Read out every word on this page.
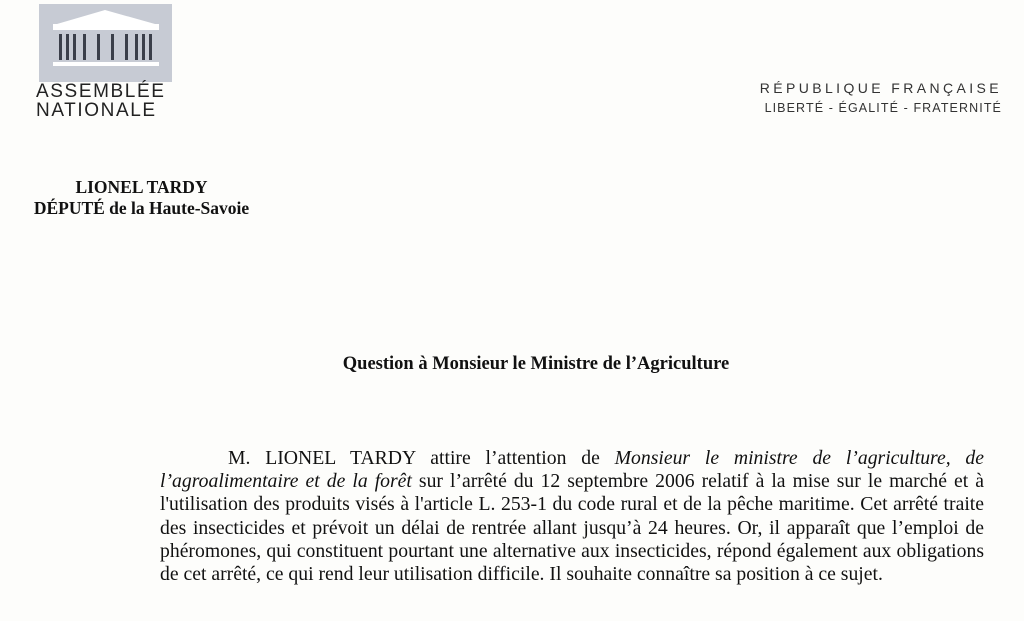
ASSEMBLÉE
NATIONALE
RÉPUBLIQUE FRANÇAISE
LIBERTÉ - ÉGALITÉ - FRATERNITÉ
LIONEL TARDY
DÉPUTÉ de la Haute-Savoie
Question à Monsieur le Ministre de l’Agriculture

M. LIONEL TARDY attire l’attention de Monsieur le ministre de l’agriculture, de l’agroalimentaire et de la forêt sur l’arrêté du 12 septembre 2006 relatif à la mise sur le marché et à l'utilisation des produits visés à l'article L. 253-1 du code rural et de la pêche maritime. Cet arrêté traite des insecticides et prévoit un délai de rentrée allant jusqu’à 24 heures. Or, il apparaît que l’emploi de phéromones, qui constituent pourtant une alternative aux insecticides, répond également aux obligations de cet arrêté, ce qui rend leur utilisation difficile. Il souhaite connaître sa position à ce sujet.
